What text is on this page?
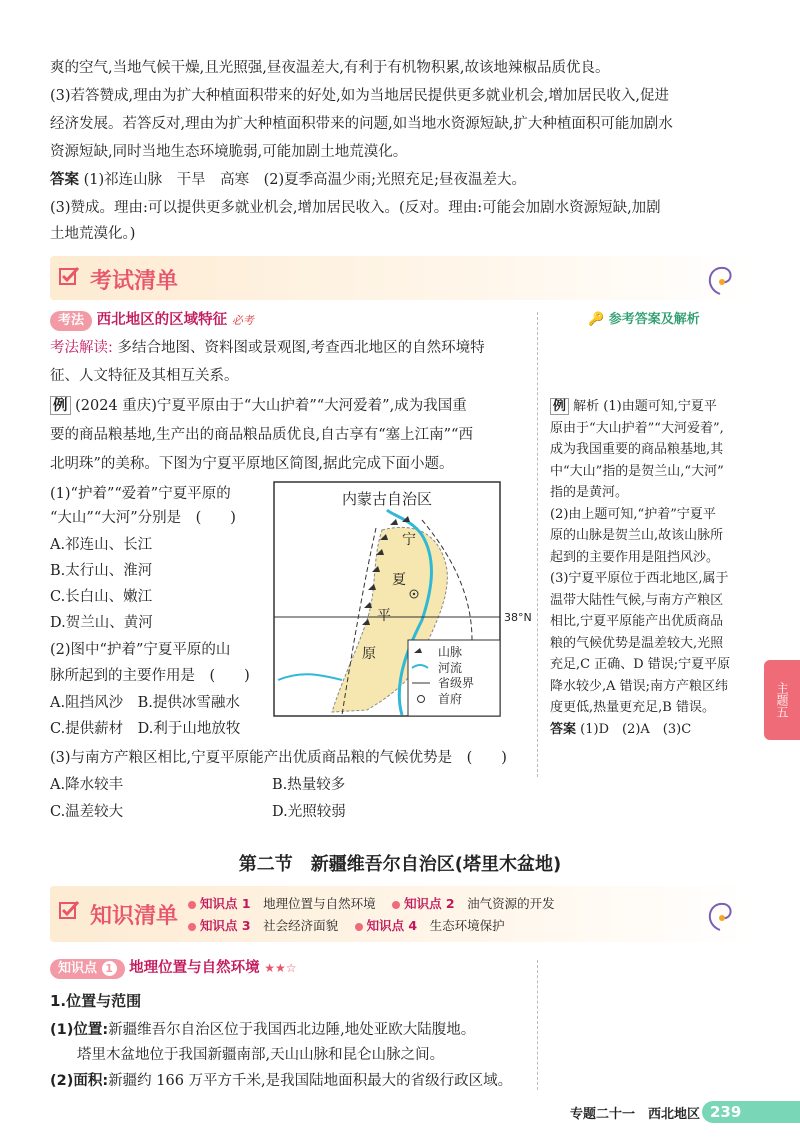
爽的空气,当地气候干燥,且光照强,昼夜温差大,有利于有机物积累,故该地辣椒品质优良。
(3)若答赞成,理由为扩大种植面积带来的好处,如为当地居民提供更多就业机会,增加居民收入,促进
经济发展。若答反对,理由为扩大种植面积带来的问题,如当地水资源短缺,扩大种植面积可能加剧水
资源短缺,同时当地生态环境脆弱,可能加剧土地荒漠化。
答案 (1)祁连山脉　干旱　高寒　(2)夏季高温少雨;光照充足;昼夜温差大。
(3)赞成。理由:可以提供更多就业机会,增加居民收入。(反对。理由:可能会加剧水资源短缺,加剧
土地荒漠化。)
考试清单
考法 西北地区的区域特征 必考	🔑 参考答案及解析
考法解读: 多结合地图、资料图或景观图,考查西北地区的自然环境特
征、人文特征及其相互关系。
例 (2024 重庆)宁夏平原由于“大山护着”“大河爱着”,成为我国重
要的商品粮基地,生产出的商品粮品质优良,自古享有“塞上江南”“西
北明珠”的美称。下图为宁夏平原地区简图,据此完成下面小题。
(1)“护着”“爱着”宁夏平原的
“大山”“大河”分别是　(　　)
A.祁连山、长江
B.太行山、淮河
C.长白山、嫩江
D.贺兰山、黄河
(2)图中“护着”宁夏平原的山
脉所起到的主要作用是　(　　)
A.阻挡风沙　B.提供冰雪融水
C.提供薪材　D.利于山地放牧
(3)与南方产粮区相比,宁夏平原能产出优质商品粮的气候优势是　(　　)
A.降水较丰	B.热量较多
C.温差较大	D.光照较弱
内蒙古自治区
38°N
宁
夏
平
原	山脉
河流
省级界
首府

例 解析 (1)由题可知,宁夏平

原由于“大山护着”“大河爱着”,

成为我国重要的商品粮基地,其

中“大山”指的是贺兰山,“大河”

指的是黄河。

(2)由上题可知,“护着”宁夏平

原的山脉是贺兰山,故该山脉所

起到的主要作用是阻挡风沙。

(3)宁夏平原位于西北地区,属于

温带大陆性气候,与南方产粮区

相比,宁夏平原能产出优质商品

粮的气候优势是温差较大,光照

充足,C 正确、D 错误;宁夏平原

降水较少,A 错误;南方产粮区纬

度更低,热量更充足,B 错误。

答案 (1)D　(2)A　(3)C

主题五
第二节　新疆维吾尔自治区(塔里木盆地)
知识清单
知识点 1　 地理位置与自然环境 　 知识点 2　 油气资源的开发
知识点 3　 社会经济面貌 　 知识点 4　 生态环境保护
知识点 1 地理位置与自然环境 ★★☆
1.位置与范围
(1)位置:新疆维吾尔自治区位于我国西北边陲,地处亚欧大陆腹地。
塔里木盆地位于我国新疆南部,天山山脉和昆仑山脉之间。
(2)面积:新疆约 166 万平方千米,是我国陆地面积最大的省级行政区域。
专题二十一　西北地区 239
